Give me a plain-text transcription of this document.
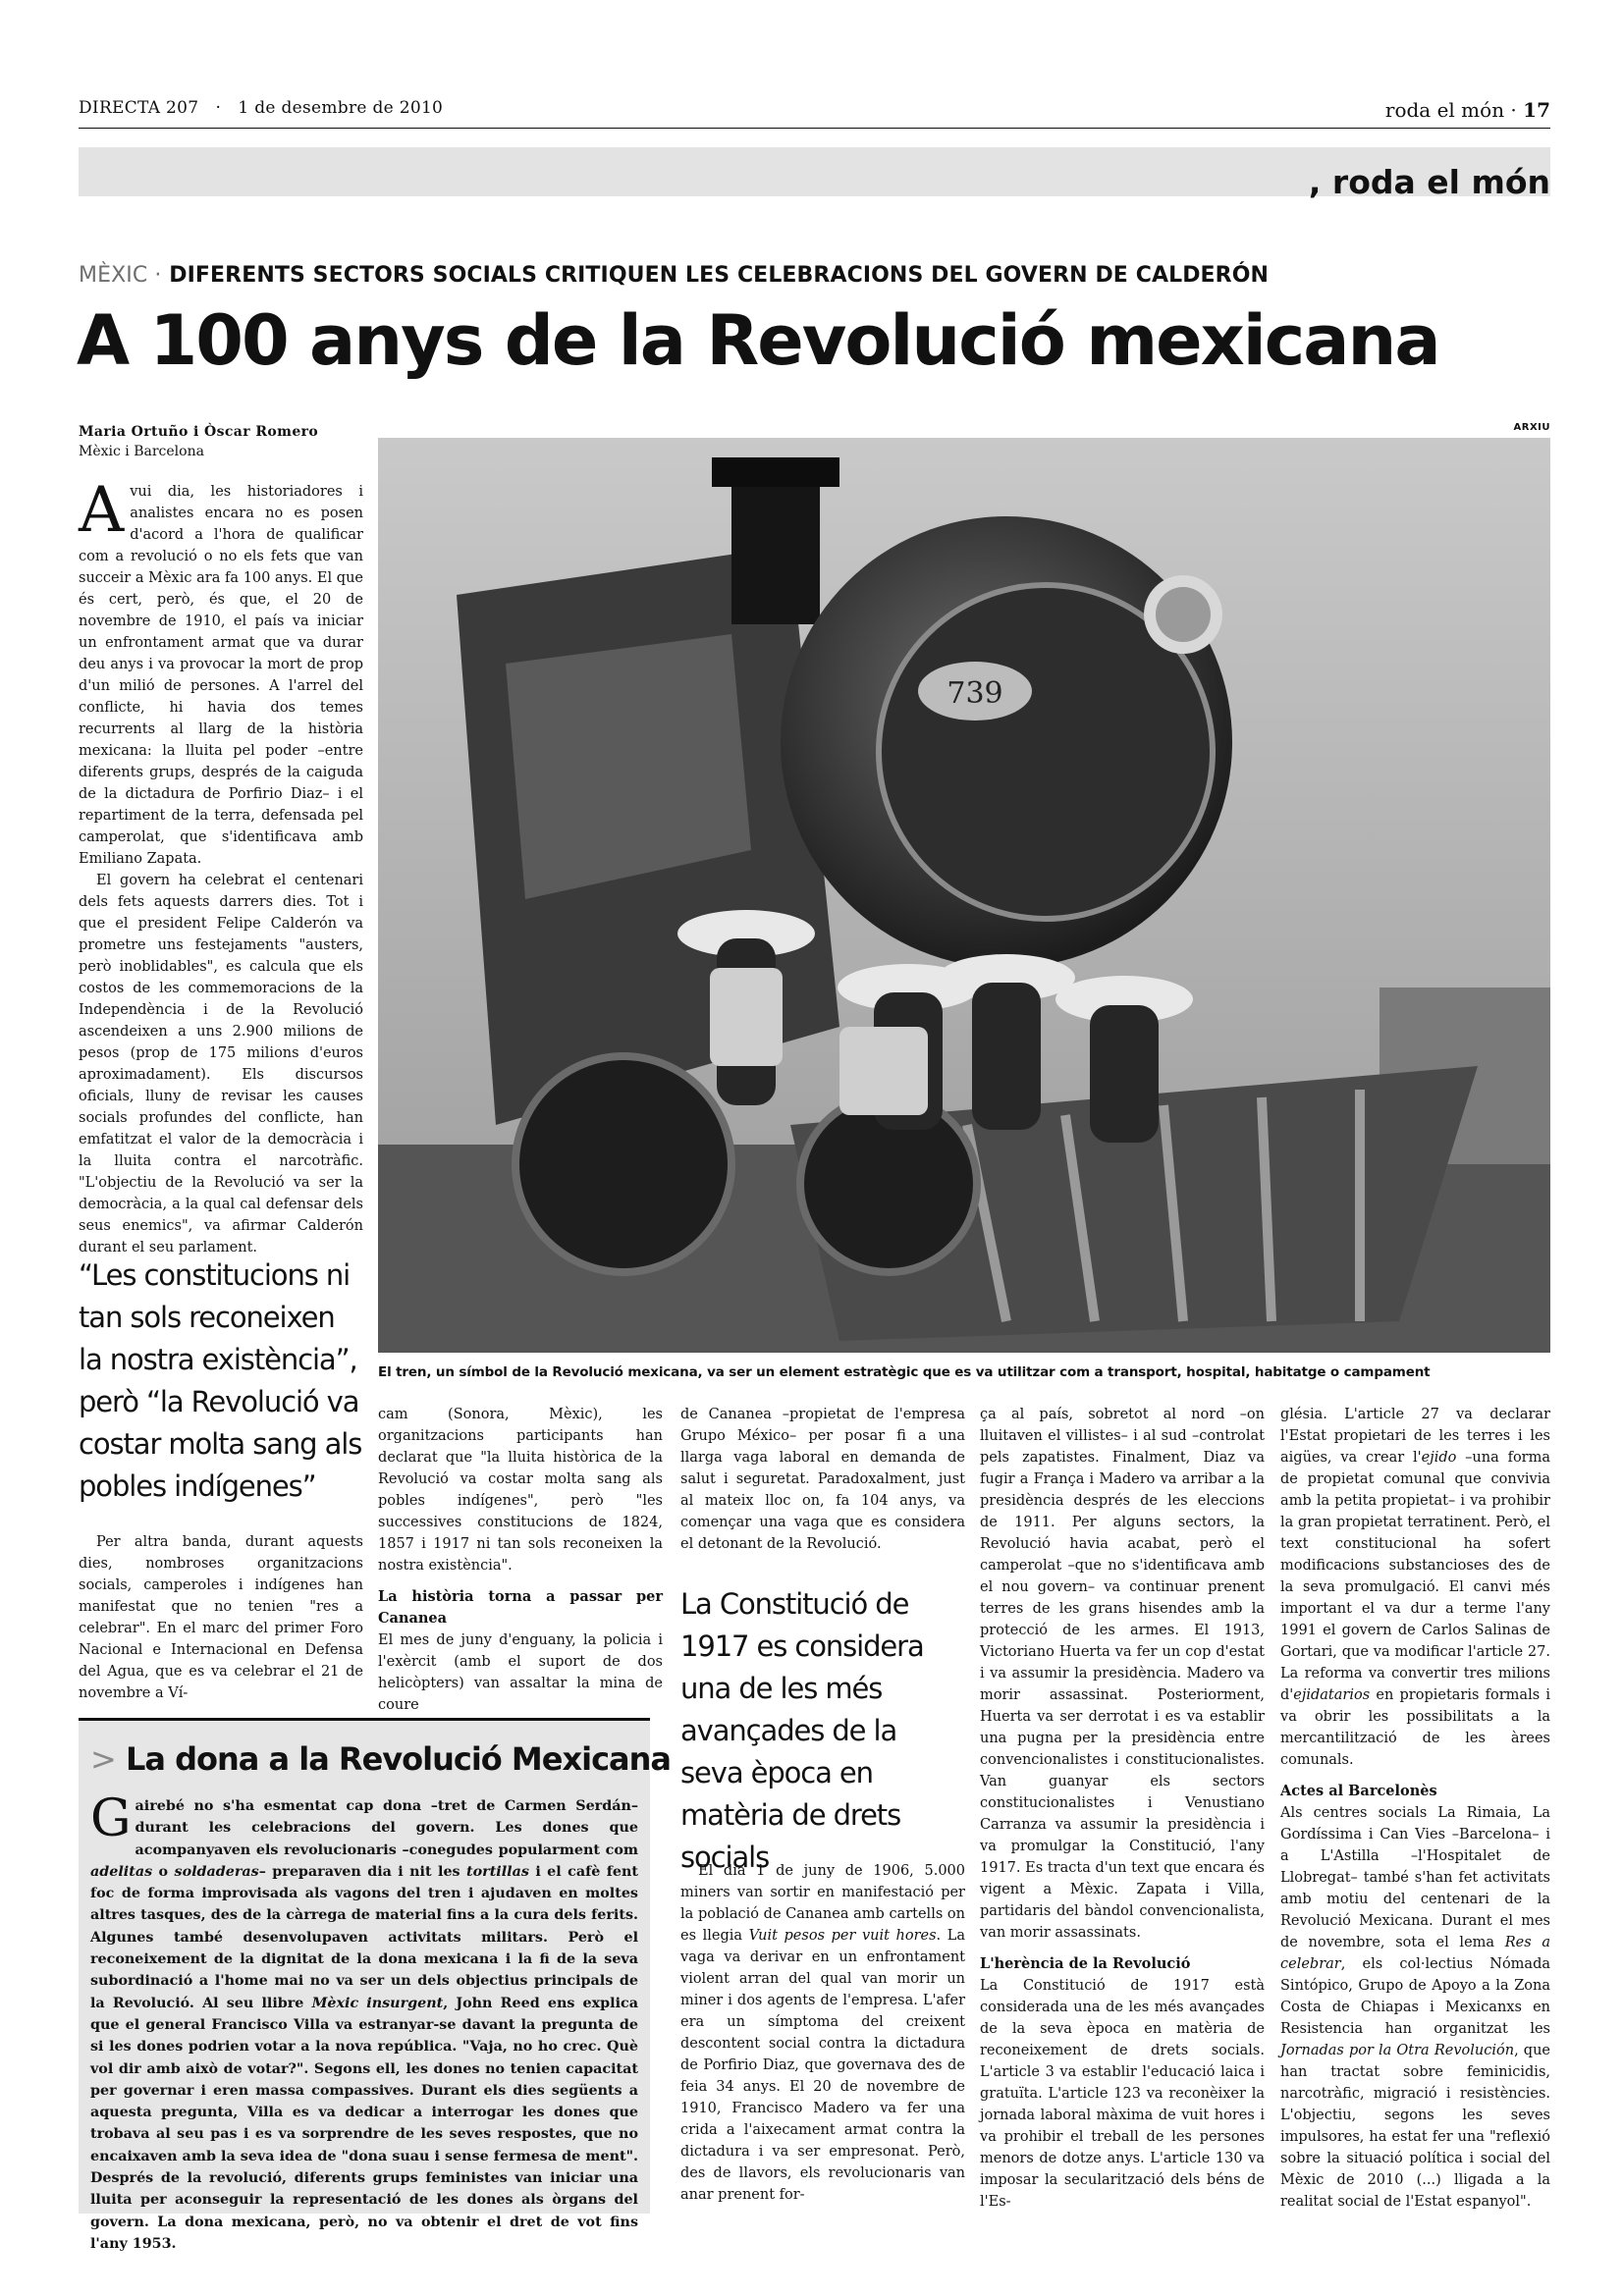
DIRECTA 207 · 1 de desembre de 2010	roda el món · 17
, roda el món
MÈXIC · DIFERENTS SECTORS SOCIALS CRITIQUEN LES CELEBRACIONS DEL GOVERN DE CALDERÓN
A 100 anys de la Revolució mexicana
Maria Ortuño i Òscar Romero
Mèxic i Barcelona
ARXIU
739
El tren, un símbol de la Revolució mexicana, va ser un element estratègic que es va utilitzar com a transport, hospital, habitatge o campament

Avui dia, les historiadores i analistes encara no es posen d'acord a l'hora de qualificar com a revolució o no els fets que van succeir a Mèxic ara fa 100 anys. El que és cert, però, és que, el 20 de novembre de 1910, el país va iniciar un enfrontament armat que va durar deu anys i va provocar la mort de prop d'un milió de persones. A l'arrel del conflicte, hi havia dos temes recurrents al llarg de la història mexicana: la lluita pel poder –entre diferents grups, després de la caiguda de la dictadura de Porfirio Diaz– i el repartiment de la terra, defensada pel camperolat, que s'identificava amb Emiliano Zapata.

El govern ha celebrat el centenari dels fets aquests darrers dies. Tot i que el president Felipe Calderón va prometre uns festejaments "austers, però inoblidables", es calcula que els costos de les commemoracions de la Independència i de la Revolució ascendeixen a uns 2.900 milions de pesos (prop de 175 milions d'euros aproximadament). Els discursos oficials, lluny de revisar les causes socials profundes del conflicte, han emfatitzat el valor de la democràcia i la lluita contra el narcotràfic. "L'objectiu de la Revolució va ser la democràcia, a la qual cal defensar dels seus enemics", va afirmar Calderón durant el seu parlament.

“Les constitucions ni tan sols reconeixen la nostra existència”, però “la Revolució va costar molta sang als pobles indígenes”

Per altra banda, durant aquests dies, nombroses organitzacions socials, camperoles i indígenes han manifestat que no tenien "res a celebrar". En el marc del primer Foro Nacional e Internacional en Defensa del Agua, que es va celebrar el 21 de novembre a Ví-

cam (Sonora, Mèxic), les organitzacions participants han declarat que "la lluita històrica de la Revolució va costar molta sang als pobles indígenes", però "les successives constitucions de 1824, 1857 i 1917 ni tan sols reconeixen la nostra existència".

La història torna a passar per Cananea

El mes de juny d'enguany, la policia i l'exèrcit (amb el suport de dos helicòpters) van assaltar la mina de coure

de Cananea –propietat de l'empresa Grupo México– per posar fi a una llarga vaga laboral en demanda de salut i seguretat. Paradoxalment, just al mateix lloc on, fa 104 anys, va començar una vaga que es considera el detonant de la Revolució.

La Constitució de 1917 es considera una de les més avançades de la seva època en matèria de drets socials

El dia 1 de juny de 1906, 5.000 miners van sortir en manifestació per la població de Cananea amb cartells on es llegia Vuit pesos per vuit hores. La vaga va derivar en un enfrontament violent arran del qual van morir un miner i dos agents de l'empresa. L'afer era un símptoma del creixent descontent social contra la dictadura de Porfirio Diaz, que governava des de feia 34 anys. El 20 de novembre de 1910, Francisco Madero va fer una crida a l'aixecament armat contra la dictadura i va ser empresonat. Però, des de llavors, els revolucionaris van anar prenent for-

ça al país, sobretot al nord –on lluitaven el villistes– i al sud –controlat pels zapatistes. Finalment, Diaz va fugir a França i Madero va arribar a la presidència després de les eleccions de 1911. Per alguns sectors, la Revolució havia acabat, però el camperolat –que no s'identificava amb el nou govern– va continuar prenent terres de les grans hisendes amb la protecció de les armes. El 1913, Victoriano Huerta va fer un cop d'estat i va assumir la presidència. Madero va morir assassinat. Posteriorment, Huerta va ser derrotat i es va establir una pugna per la presidència entre convencionalistes i constitucionalistes. Van guanyar els sectors constitucionalistes i Venustiano Carranza va assumir la presidència i va promulgar la Constitució, l'any 1917. Es tracta d'un text que encara és vigent a Mèxic. Zapata i Villa, partidaris del bàndol convencionalista, van morir assassinats.

L'herència de la Revolució

La Constitució de 1917 està considerada una de les més avançades de la seva època en matèria de reconeixement de drets socials. L'article 3 va establir l'educació laica i gratuïta. L'article 123 va reconèixer la jornada laboral màxima de vuit hores i va prohibir el treball de les persones menors de dotze anys. L'article 130 va imposar la secularització dels béns de l'Es-

glésia. L'article 27 va declarar l'Estat propietari de les terres i les aigües, va crear l'ejido –una forma de propietat comunal que convivia amb la petita propietat– i va prohibir la gran propietat terratinent. Però, el text constitucional ha sofert modificacions substancioses des de la seva promulgació. El canvi més important el va dur a terme l'any 1991 el govern de Carlos Salinas de Gortari, que va modificar l'article 27. La reforma va convertir tres milions d'ejidatarios en propietaris formals i va obrir les possibilitats a la mercantilització de les àrees comunals.

Actes al Barcelonès

Als centres socials La Rimaia, La Gordíssima i Can Vies –Barcelona– i a L'Astilla –l'Hospitalet de Llobregat– també s'han fet activitats amb motiu del centenari de la Revolució Mexicana. Durant el mes de novembre, sota el lema Res a celebrar, els col·lectius Nómada Sintópico, Grupo de Apoyo a la Zona Costa de Chiapas i Mexicanxs en Resistencia han organitzat les Jornadas por la Otra Revolución, que han tractat sobre feminicidis, narcotràfic, migració i resistències. L'objectiu, segons les seves impulsores, ha estat fer una "reflexió sobre la situació política i social del Mèxic de 2010 (...) lligada a la realitat social de l'Estat espanyol".

> La dona a la Revolució Mexicana
Gairebé no s'ha esmentat cap dona –tret de Carmen Serdán– durant les celebracions del govern. Les dones que acompanyaven els revolucionaris –conegudes popularment com adelitas o soldaderas– preparaven dia i nit les tortillas i el cafè fent foc de forma improvisada als vagons del tren i ajudaven en moltes altres tasques, des de la càrrega de material fins a la cura dels ferits. Algunes també desenvolupaven activitats militars. Però el reconeixement de la dignitat de la dona mexicana i la fi de la seva subordinació a l'home mai no va ser un dels objectius principals de la Revolució. Al seu llibre Mèxic insurgent, John Reed ens explica que el general Francisco Villa va estranyar-se davant la pregunta de si les dones podrien votar a la nova república. "Vaja, no ho crec. Què vol dir amb això de votar?". Segons ell, les dones no tenien capacitat per governar i eren massa compassives. Durant els dies següents a aquesta pregunta, Villa es va dedicar a interrogar les dones que trobava al seu pas i es va sorprendre de les seves respostes, que no encaixaven amb la seva idea de "dona suau i sense fermesa de ment". Després de la revolució, diferents grups feministes van iniciar una lluita per aconseguir la representació de les dones als òrgans del govern. La dona mexicana, però, no va obtenir el dret de vot fins l'any 1953.
